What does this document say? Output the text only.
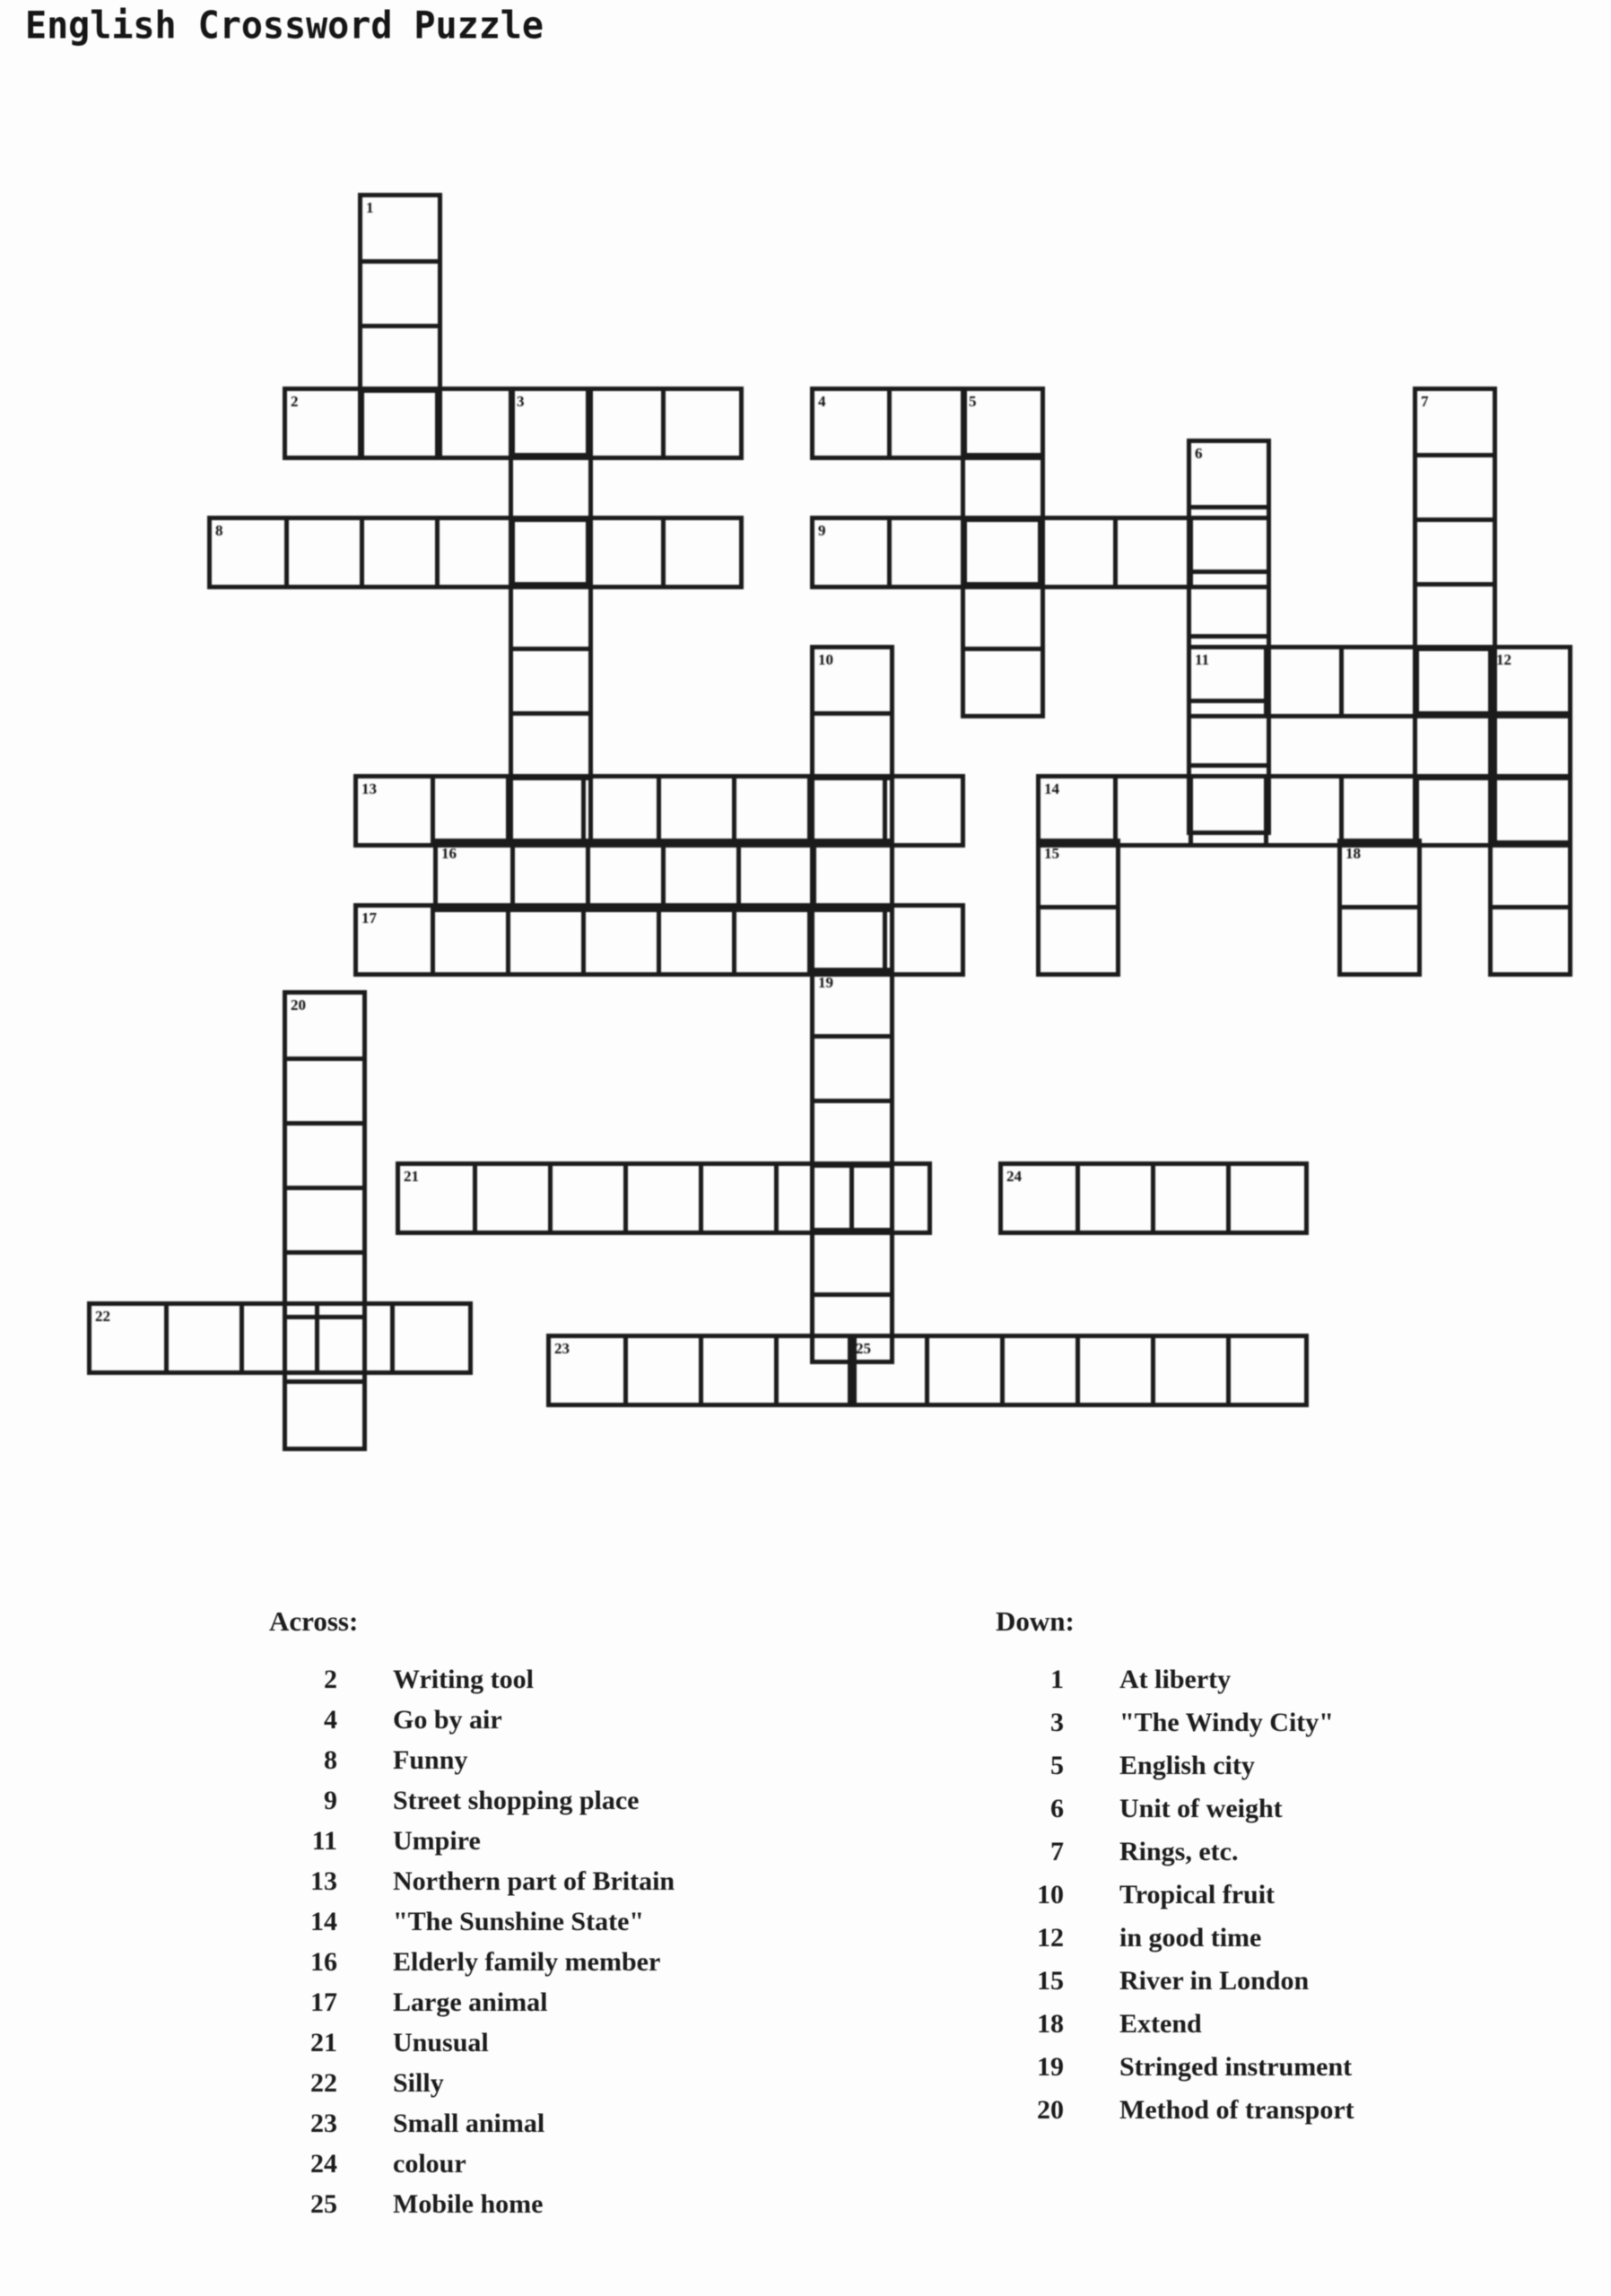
English Crossword Puzzle
1
2	3	4	5
6
7
8	9
10	11	12
13	14
15
16	18
17
19
20
21	24
22
23	25
Across:
2	Writing tool
4	Go by air
8	Funny
9	Street shopping place
11	Umpire
13	Northern part of Britain
14	"The Sunshine State"
16	Elderly family member
17	Large animal
21	Unusual
22	Silly
23	Small animal
24	colour
25	Mobile home
Down:
1	At liberty
3	"The Windy City"
5	English city
6	Unit of weight
7	Rings, etc.
10	Tropical fruit
12	in good time
15	River in London
18	Extend
19	Stringed instrument
20	Method of transport
